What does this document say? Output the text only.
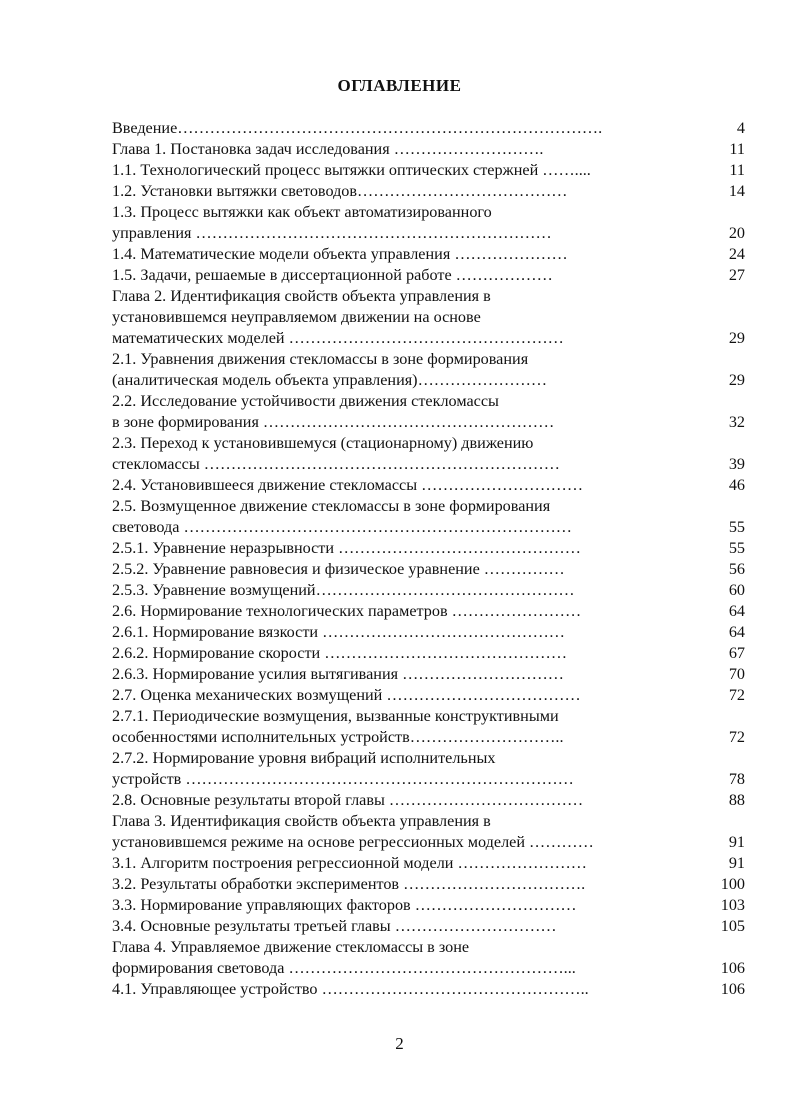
ОГЛАВЛЕНИЕ
Введение…………………………………………………………………….	4
Глава 1. Постановка задач исследования ……………………….	11
1.1. Технологический процесс вытяжки оптических стержней ……....	11
1.2. Установки вытяжки световодов…………………………………	14
1.3. Процесс вытяжки как объект автоматизированного
управления …………………………………………………………	20
1.4. Математические модели объекта управления …………………	24
1.5. Задачи, решаемые в диссертационной работе ………………	27
Глава 2. Идентификация свойств объекта управления в
установившемся неуправляемом движении на основе
математических моделей ……………………………………………	29
2.1. Уравнения движения стекломассы в зоне формирования
(аналитическая модель объекта управления)……………………	29
2.2. Исследование устойчивости движения стекломассы
в зоне формирования ………………………………………………	32
2.3. Переход к установившемуся (стационарному) движению
стекломассы …………………………………………………………	39
2.4. Установившееся движение стекломассы …………………………	46
2.5. Возмущенное движение стекломассы в зоне формирования
световода ………………………………………………………………	55
2.5.1. Уравнение неразрывности ………………………………………	55
2.5.2. Уравнение равновесия и физическое уравнение ……………	56
2.5.3. Уравнение возмущений…………………………………………	60
2.6. Нормирование технологических параметров ……………………	64
2.6.1. Нормирование вязкости ………………………………………	64
2.6.2. Нормирование скорости ………………………………………	67
2.6.3. Нормирование усилия вытягивания …………………………	70
2.7. Оценка механических возмущений ………………………………	72
2.7.1. Периодические возмущения, вызванные конструктивными
особенностями исполнительных устройств………………………..	72
2.7.2. Нормирование уровня вибраций исполнительных
устройств ………………………………………………………………	78
2.8. Основные результаты второй главы ………………………………	88
Глава 3. Идентификация свойств объекта управления в
установившемся режиме на основе регрессионных моделей …………	91
3.1. Алгоритм построения регрессионной модели ……………………	91
3.2. Результаты обработки экспериментов …………………………….	100
3.3. Нормирование управляющих факторов …………………………	103
3.4. Основные результаты третьей главы …………………………	105
Глава 4. Управляемое движение стекломассы в зоне
формирования световода ……………………………………………...	106
4.1. Управляющее устройство …………………………………………..	106
2
